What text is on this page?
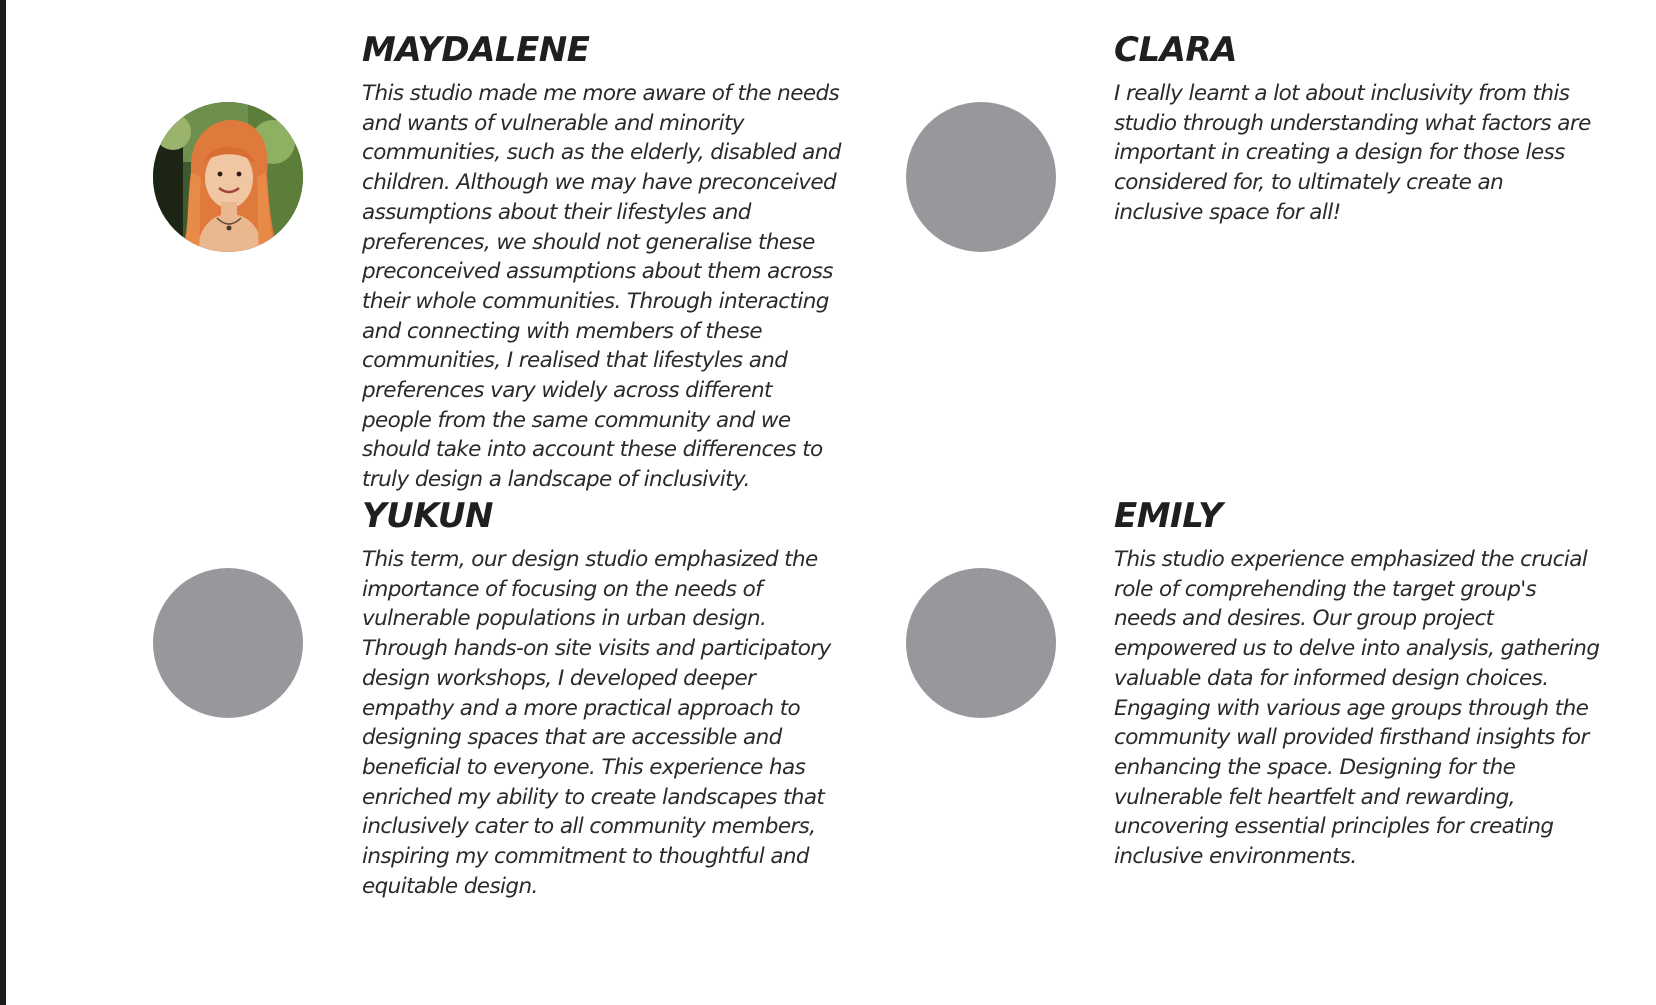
MAYDALENE

This studio made me more aware of the needs
and wants of vulnerable and minority
communities, such as the elderly, disabled and
children. Although we may have preconceived
assumptions about their lifestyles and
preferences, we should not generalise these
preconceived assumptions about them across
their whole communities. Through interacting
and connecting with members of these
communities, I realised that lifestyles and
preferences vary widely across different
people from the same community and we
should take into account these differences to
truly design a landscape of inclusivity.

CLARA

I really learnt a lot about inclusivity from this
studio through understanding what factors are
important in creating a design for those less
considered for, to ultimately create an
inclusive space for all!

YUKUN

This term, our design studio emphasized the
importance of focusing on the needs of
vulnerable populations in urban design.
Through hands-on site visits and participatory
design workshops, I developed deeper
empathy and a more practical approach to
designing spaces that are accessible and
beneficial to everyone. This experience has
enriched my ability to create landscapes that
inclusively cater to all community members,
inspiring my commitment to thoughtful and
equitable design.

EMILY

This studio experience emphasized the crucial
role of comprehending the target group's
needs and desires. Our group project
empowered us to delve into analysis, gathering
valuable data for informed design choices.
Engaging with various age groups through the
community wall provided firsthand insights for
enhancing the space. Designing for the
vulnerable felt heartfelt and rewarding,
uncovering essential principles for creating
inclusive environments.
